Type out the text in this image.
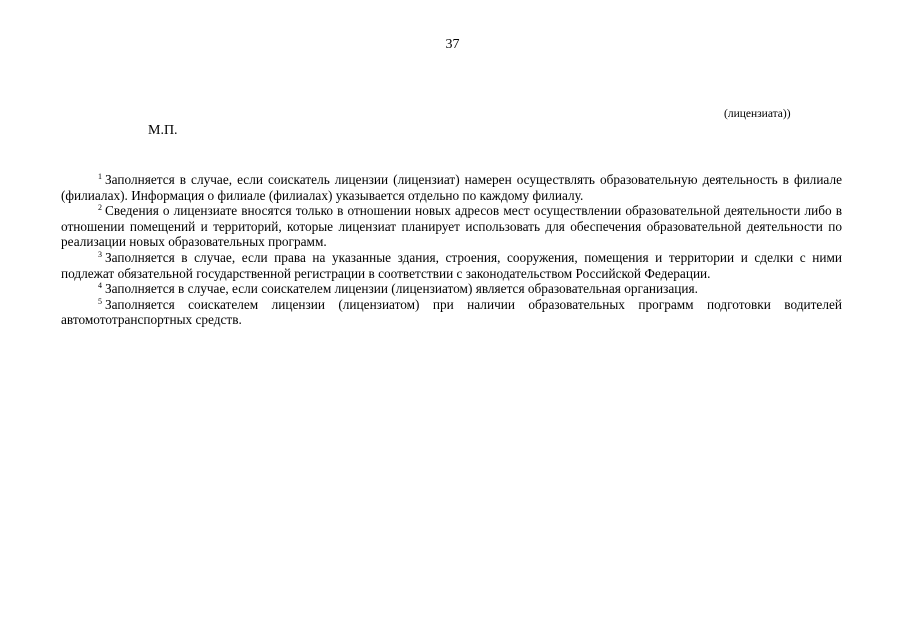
37
(лицензиата))
М.П.

$^1$ Заполняется в случае, если соискатель лицензии (лицензиат) намерен осуществлять образовательную деятельность в филиале (филиалах). Информация о филиале (филиалах) указывается отдельно по каждому филиалу.

$^2$ Сведения о лицензиате вносятся только в отношении новых адресов мест осуществлении образовательной деятельности либо в отношении помещений и территорий, которые лицензиат планирует использовать для обеспечения образовательной деятельности по реализации новых образовательных программ.

$^3$ Заполняется в случае, если права на указанные здания, строения, сооружения, помещения и территории и сделки с ними подлежат обязательной государственной регистрации в соответствии с законодательством Российской Федерации.

$^4$ Заполняется в случае, если соискателем лицензии (лицензиатом) является образовательная организация.

$^5$ Заполняется соискателем лицензии (лицензиатом) при наличии образовательных программ подготовки водителей автомототранспортных средств.
